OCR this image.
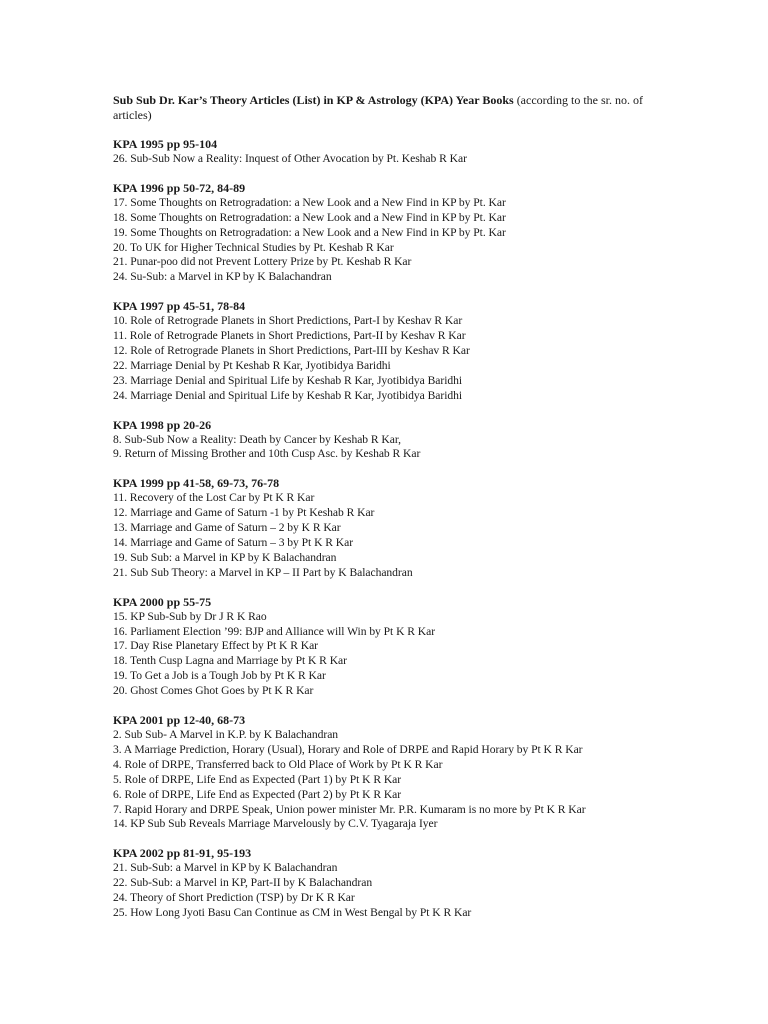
Sub Sub Dr. Kar’s Theory Articles (List) in KP & Astrology (KPA) Year Books (according to the sr. no. of articles)
KPA 1995 pp 95-104
26. Sub-Sub Now a Reality: Inquest of Other Avocation by Pt. Keshab R Kar
KPA 1996 pp 50-72, 84-89
17. Some Thoughts on Retrogradation: a New Look and a New Find in KP by Pt. Kar
18. Some Thoughts on Retrogradation: a New Look and a New Find in KP by Pt. Kar
19. Some Thoughts on Retrogradation: a New Look and a New Find in KP by Pt. Kar
20. To UK for Higher Technical Studies by Pt. Keshab R Kar
21. Punar-poo did not Prevent Lottery Prize by Pt. Keshab R Kar
24. Su-Sub: a Marvel in KP by K Balachandran
KPA 1997 pp 45-51, 78-84
10. Role of Retrograde Planets in Short Predictions, Part-I by Keshav R Kar
11. Role of Retrograde Planets in Short Predictions, Part-II by Keshav R Kar
12. Role of Retrograde Planets in Short Predictions, Part-III by Keshav R Kar
22. Marriage Denial by Pt Keshab R Kar, Jyotibidya Baridhi
23. Marriage Denial and Spiritual Life by Keshab R Kar, Jyotibidya Baridhi
24. Marriage Denial and Spiritual Life by Keshab R Kar, Jyotibidya Baridhi
KPA 1998 pp 20-26
8. Sub-Sub Now a Reality: Death by Cancer by Keshab R Kar,
9. Return of Missing Brother and 10th Cusp Asc. by Keshab R Kar
KPA 1999 pp 41-58, 69-73, 76-78
11. Recovery of the Lost Car by Pt K R Kar
12. Marriage and Game of Saturn -1 by Pt Keshab R Kar
13. Marriage and Game of Saturn – 2 by K R Kar
14. Marriage and Game of Saturn – 3 by Pt K R Kar
19. Sub Sub: a Marvel in KP by K Balachandran
21. Sub Sub Theory: a Marvel in KP – II Part by K Balachandran
KPA 2000 pp 55-75
15. KP Sub-Sub by Dr J R K Rao
16. Parliament Election ’99: BJP and Alliance will Win by Pt K R Kar
17. Day Rise Planetary Effect by Pt K R Kar
18. Tenth Cusp Lagna and Marriage by Pt K R Kar
19. To Get a Job is a Tough Job by Pt K R Kar
20. Ghost Comes Ghot Goes by Pt K R Kar
KPA 2001 pp 12-40, 68-73
2. Sub Sub- A Marvel in K.P. by K Balachandran
3. A Marriage Prediction, Horary (Usual), Horary and Role of DRPE and Rapid Horary by Pt K R Kar
4. Role of DRPE, Transferred back to Old Place of Work by Pt K R Kar
5. Role of DRPE, Life End as Expected (Part 1) by Pt K R Kar
6. Role of DRPE, Life End as Expected (Part 2) by Pt K R Kar
7. Rapid Horary and DRPE Speak, Union power minister Mr. P.R. Kumaram is no more by Pt K R Kar
14. KP Sub Sub Reveals Marriage Marvelously by C.V. Tyagaraja Iyer
KPA 2002 pp 81-91, 95-193
21. Sub-Sub: a Marvel in KP by K Balachandran
22. Sub-Sub: a Marvel in KP, Part-II by K Balachandran
24. Theory of Short Prediction (TSP) by Dr K R Kar
25. How Long Jyoti Basu Can Continue as CM in West Bengal by Pt K R Kar
